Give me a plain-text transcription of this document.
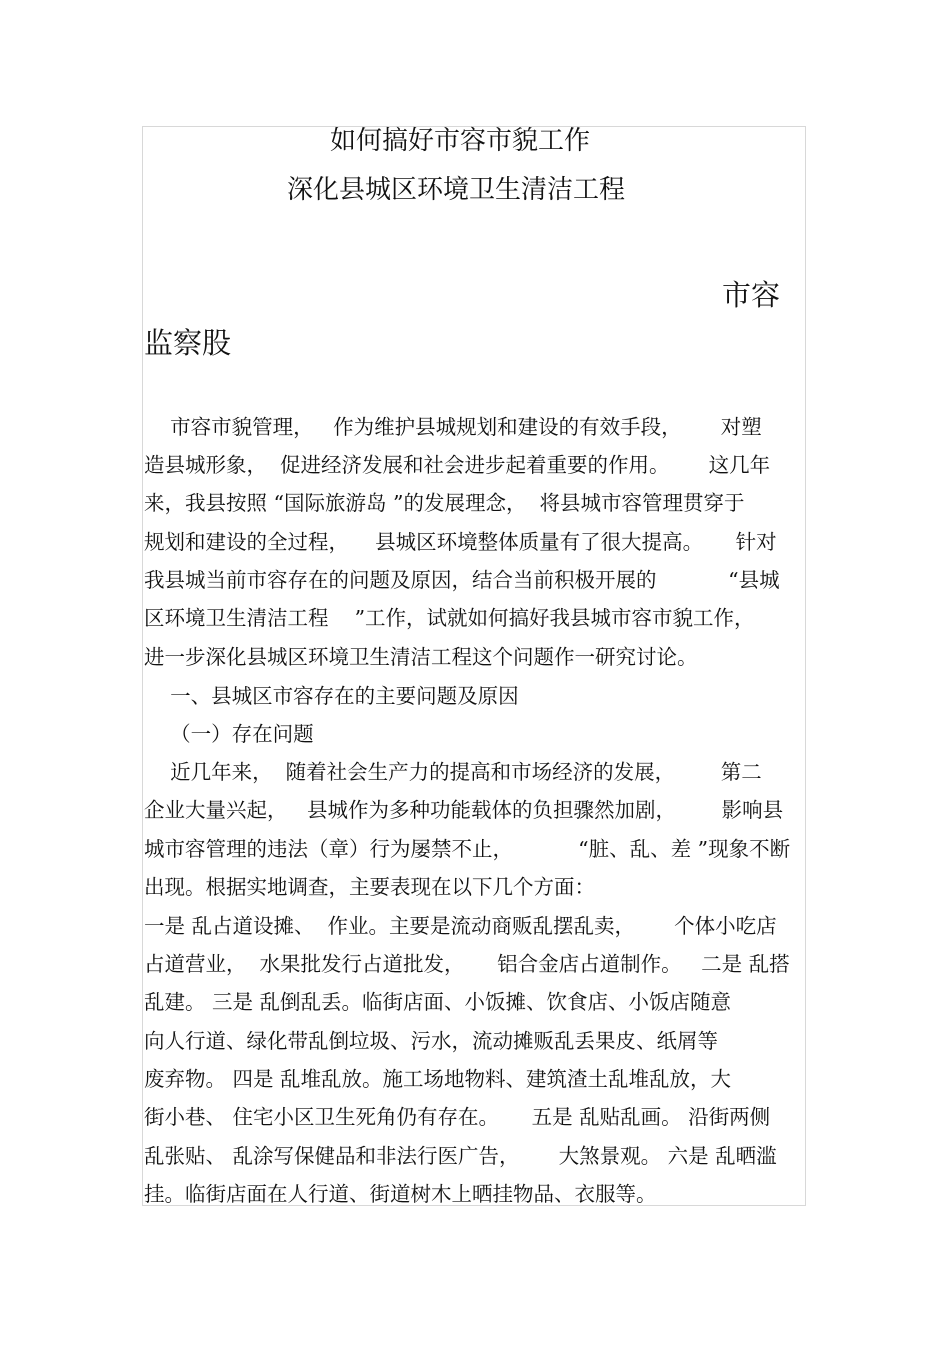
如何搞好市容市貌工作
深化县城区环境卫生清洁工程
市容
监察股
市容市貌管理，   作为维护县城规划和建设的有效手段，      对塑
造县城形象，  促进经济发展和社会进步起着重要的作用。      这几年
来，我县按照 “国际旅游岛 ”的发展理念，  将县城市容管理贯穿于
规划和建设的全过程，    县城区环境整体质量有了很大提高。     针对
我县城当前市容存在的问题及原因，结合当前积极开展的           “县城
区环境卫生清洁工程    ”工作，试就如何搞好我县城市容市貌工作，
进一步深化县城区环境卫生清洁工程这个问题作一研究讨论。
一、县城区市容存在的主要问题及原因
（一）存在问题
近几年来，  随着社会生产力的提高和市场经济的发展，       第二
企业大量兴起，   县城作为多种功能载体的负担骤然加剧，       影响县
城市容管理的违法（章）行为屡禁不止，          “脏、乱、差 ”现象不断
出现。根据实地调查，主要表现在以下几个方面：
一是 乱占道设摊、  作业。主要是流动商贩乱摆乱卖，      个体小吃店
占道营业，  水果批发行占道批发，     铝合金店占道制作。   二是 乱搭
乱建。 三是 乱倒乱丢。临街店面、小饭摊、饮食店、小饭店随意
向人行道、绿化带乱倒垃圾、污水，流动摊贩乱丢果皮、纸屑等
废弃物。 四是 乱堆乱放。施工场地物料、建筑渣土乱堆乱放，大
街小巷、 住宅小区卫生死角仍有存在。     五是 乱贴乱画。 沿街两侧
乱张贴、 乱涂写保健品和非法行医广告，      大煞景观。 六是 乱晒滥
挂。临街店面在人行道、街道树木上晒挂物品、衣服等。
